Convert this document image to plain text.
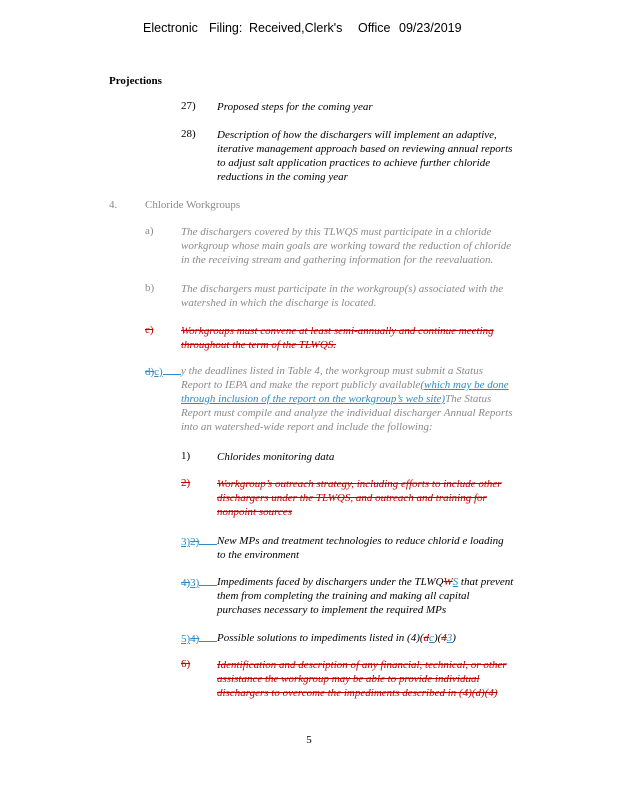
Electronic Filing: Received,Clerk's Office 09/23/2019
Projections
27) Proposed steps for the coming year
28) Description of how the dischargers will implement an adaptive,
iterative management approach based on reviewing annual reports
to adjust salt application practices to achieve further chloride
reductions in the coming year
4.	Chloride Workgroups
a) The dischargers covered by this TLWQS must participate in a chloride
workgroup whose main goals are working toward the reduction of chloride
in the receiving stream and gathering information for the reevaluation.
b) The dischargers must participate in the workgroup(s) associated with the
watershed in which the discharge is located.
c) Workgroups must convene at least semi-annually and continue meeting
throughout the term of the TLWQS.
d)c)	y the deadlines listed in Table 4, the workgroup must submit a Status
Report to IEPA and make the report publicly available(which may be done
through inclusion of the report on the workgroup’s web site)The Status
Report must compile and analyze the individual discharger Annual Reports
into an watershed-wide report and include the following:
1) Chlorides monitoring data
2) Workgroup’s outreach strategy, including efforts to include other
dischargers under the TLWQS, and outreach and training for
nonpoint sources
3)2)	New MPs and treatment technologies to reduce chlorid e loading
to the environment
4)3)	Impediments faced by dischargers under the TLWQWS that prevent
them from completing the training and making all capital
purchases necessary to implement the required MPs
5)4)	Possible solutions to impediments listed in (4)(dc)(43)
6) Identification and description of any financial, technical, or other
assistance the workgroup may be able to provide individual
dischargers to overcome the impediments described in (4)(d)(4)
5
